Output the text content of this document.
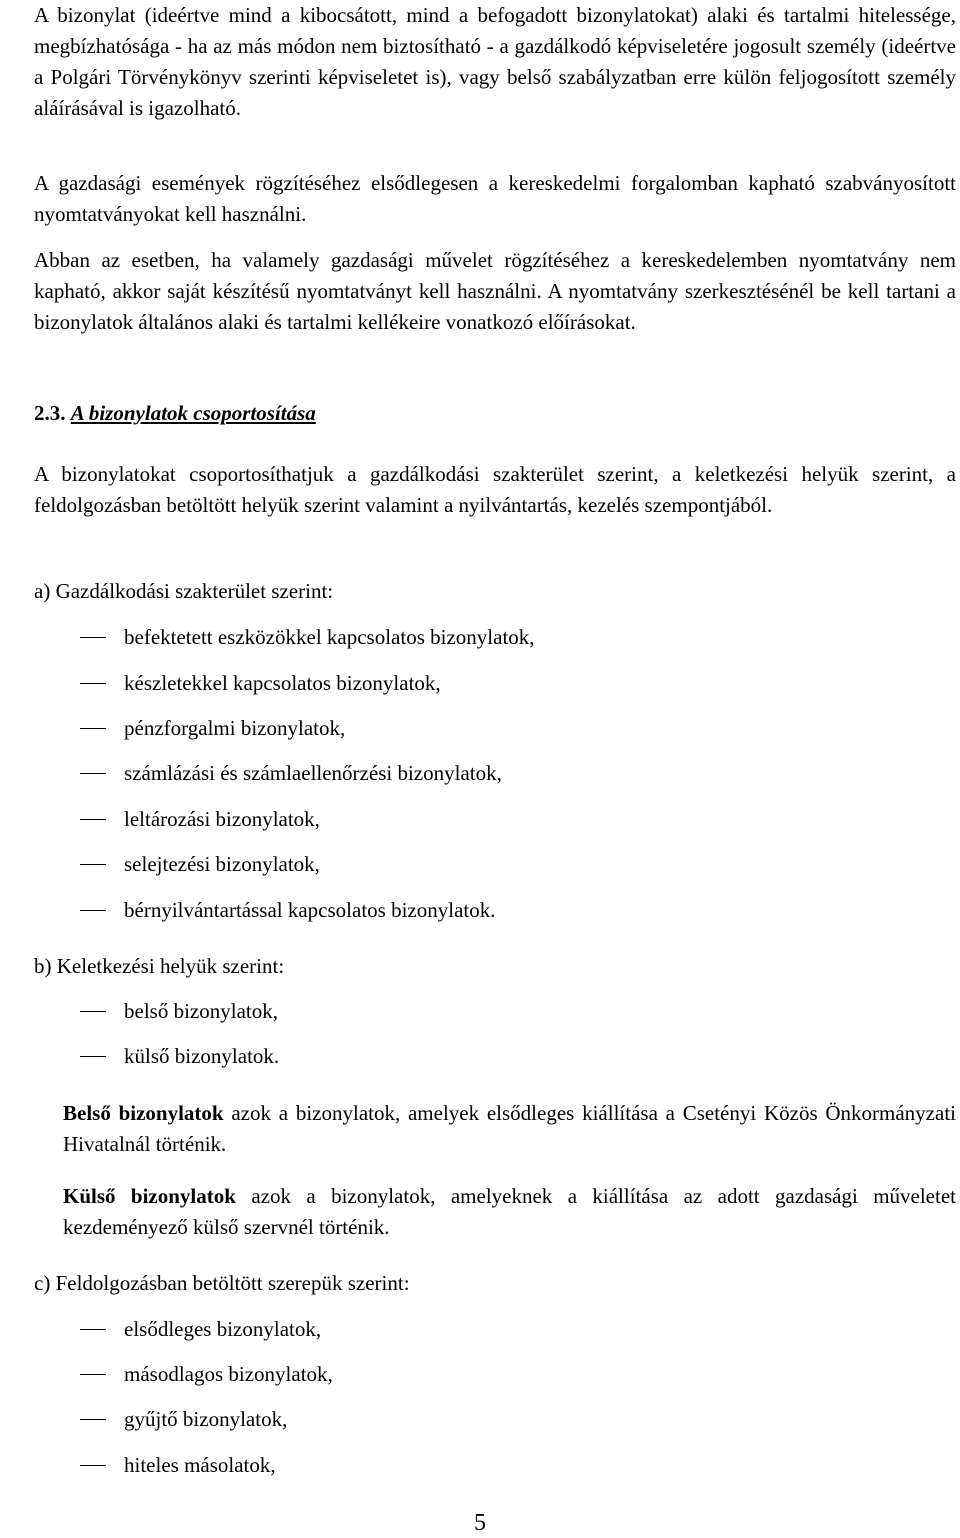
A bizonylat (ideértve mind a kibocsátott, mind a befogadott bizonylatokat) alaki és tartalmi hitelessége, megbízhatósága - ha az más módon nem biztosítható - a gazdálkodó képviseletére jogosult személy (ideértve a Polgári Törvénykönyv szerinti képviseletet is), vagy belső szabályzatban erre külön feljogosított személy aláírásával is igazolható.

A gazdasági események rögzítéséhez elsődlegesen a kereskedelmi forgalomban kapható szabványosított nyomtatványokat kell használni.

Abban az esetben, ha valamely gazdasági művelet rögzítéséhez a kereskedelemben nyomtatvány nem kapható, akkor saját készítésű nyomtatványt kell használni. A nyomtatvány szerkesztésénél be kell tartani a bizonylatok általános alaki és tartalmi kellékeire vonatkozó előírásokat.

2.3. A bizonylatok csoportosítása

A bizonylatokat csoportosíthatjuk a gazdálkodási szakterület szerint, a keletkezési helyük szerint, a feldolgozásban betöltött helyük szerint valamint a nyilvántartás, kezelés szempontjából.

a) Gazdálkodási szakterület szerint:

befektetett eszközökkel kapcsolatos bizonylatok,
készletekkel kapcsolatos bizonylatok,
pénzforgalmi bizonylatok,
számlázási és számlaellenőrzési bizonylatok,
leltározási bizonylatok,
selejtezési bizonylatok,
bérnyilvántartással kapcsolatos bizonylatok.

b) Keletkezési helyük szerint:

belső bizonylatok,
külső bizonylatok.

Belső bizonylatok azok a bizonylatok, amelyek elsődleges kiállítása a Csetényi Közös Önkormányzati Hivatalnál történik.

Külső bizonylatok azok a bizonylatok, amelyeknek a kiállítása az adott gazdasági műveletet kezdeményező külső szervnél történik.

c) Feldolgozásban betöltött szerepük szerint:

elsődleges bizonylatok,
másodlagos bizonylatok,
gyűjtő bizonylatok,
hiteles másolatok,
5
